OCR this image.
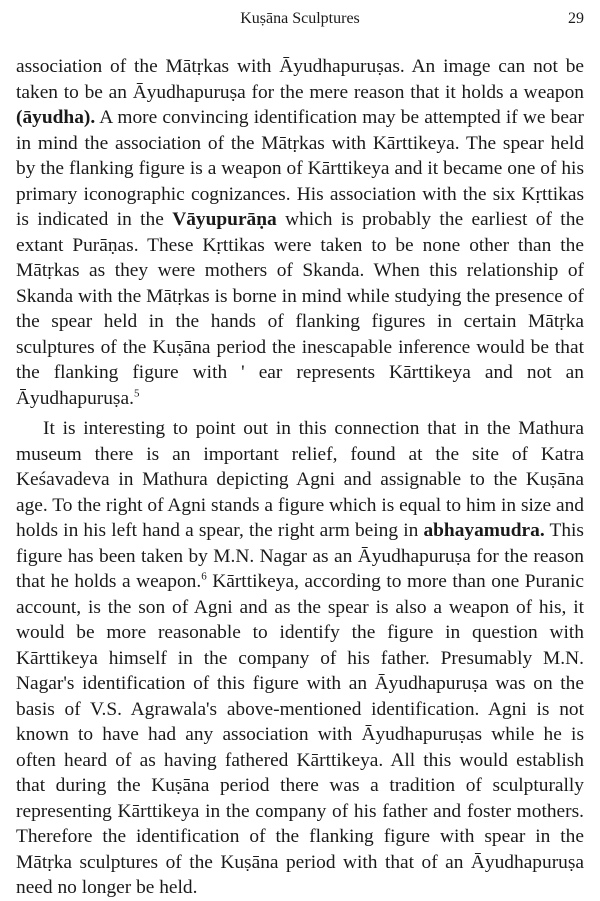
Kuṣāna Sculptures	29

association of the Mātṛkas with Āyudhapuruṣas. An image can not be taken to be an Āyudhapuruṣa for the mere reason that it holds a weapon (āyudha). A more convincing identification may be attempted if we bear in mind the association of the Mātṛkas with Kārttikeya. The spear held by the flanking figure is a weapon of Kārttikeya and it became one of his primary iconographic cognizances. His association with the six Kṛttikas is indicated in the Vāyupurāṇa which is probably the earliest of the extant Purāṇas. These Kṛttikas were taken to be none other than the Mātṛkas as they were mothers of Skanda. When this relationship of Skanda with the Mātṛkas is borne in mind while studying the presence of the spear held in the hands of flanking figures in certain Mātṛka sculptures of the Kuṣāna period the inescapable inference would be that the flanking figure with ' ear represents Kārttikeya and not an Āyudhapuruṣa.$^5$

It is interesting to point out in this connection that in the Mathura museum there is an important relief, found at the site of Katra Keśavadeva in Mathura depicting Agni and assignable to the Kuṣāna age. To the right of Agni stands a figure which is equal to him in size and holds in his left hand a spear, the right arm being in abhayamudra. This figure has been taken by M.N. Nagar as an Āyudhapuruṣa for the reason that he holds a weapon.$^6$ Kārttikeya, according to more than one Puranic account, is the son of Agni and as the spear is also a weapon of his, it would be more reasonable to identify the figure in question with Kārttikeya himself in the company of his father. Presumably M.N. Nagar's identification of this figure with an Āyudhapuruṣa was on the basis of V.S. Agrawala's above-mentioned identification. Agni is not known to have had any association with Āyudhapuruṣas while he is often heard of as having fathered Kārttikeya. All this would establish that during the Kuṣāna period there was a tradition of sculpturally representing Kārttikeya in the company of his father and foster mothers. Therefore the identification of the flanking figure with spear in the Mātṛka sculptures of the Kuṣāna period with that of an Āyudhapuruṣa need no longer be held.
